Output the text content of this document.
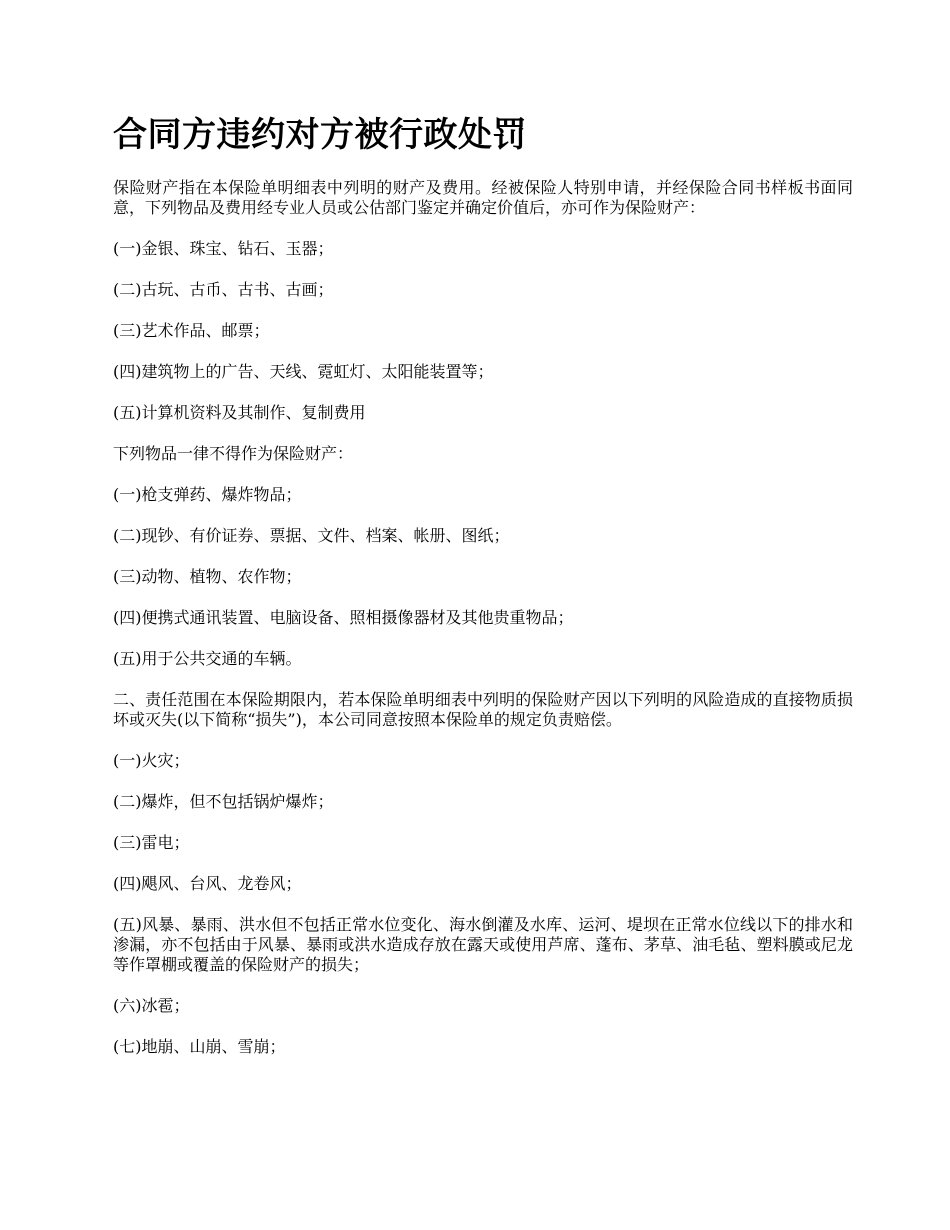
合同方违约对方被行政处罚

保险财产指在本保险单明细表中列明的财产及费用。经被保险人特别申请，并经保险合同书样板书面同意，下列物品及费用经专业人员或公估部门鉴定并确定价值后，亦可作为保险财产：

(一)金银、珠宝、钻石、玉器；

(二)古玩、古币、古书、古画；

(三)艺术作品、邮票；

(四)建筑物上的广告、天线、霓虹灯、太阳能装置等；

(五)计算机资料及其制作、复制费用

下列物品一律不得作为保险财产：

(一)枪支弹药、爆炸物品；

(二)现钞、有价证券、票据、文件、档案、帐册、图纸；

(三)动物、植物、农作物；

(四)便携式通讯装置、电脑设备、照相摄像器材及其他贵重物品；

(五)用于公共交通的车辆。

二、责任范围在本保险期限内，若本保险单明细表中列明的保险财产因以下列明的风险造成的直接物质损坏或灭失(以下简称“损失”)，本公司同意按照本保险单的规定负责赔偿。

(一)火灾；

(二)爆炸，但不包括锅炉爆炸；

(三)雷电；

(四)飓风、台风、龙卷风；

(五)风暴、暴雨、洪水但不包括正常水位变化、海水倒灌及水库、运河、堤坝在正常水位线以下的排水和渗漏，亦不包括由于风暴、暴雨或洪水造成存放在露天或使用芦席、蓬布、茅草、油毛毡、塑料膜或尼龙等作罩棚或覆盖的保险财产的损失；

(六)冰雹；

(七)地崩、山崩、雪崩；
